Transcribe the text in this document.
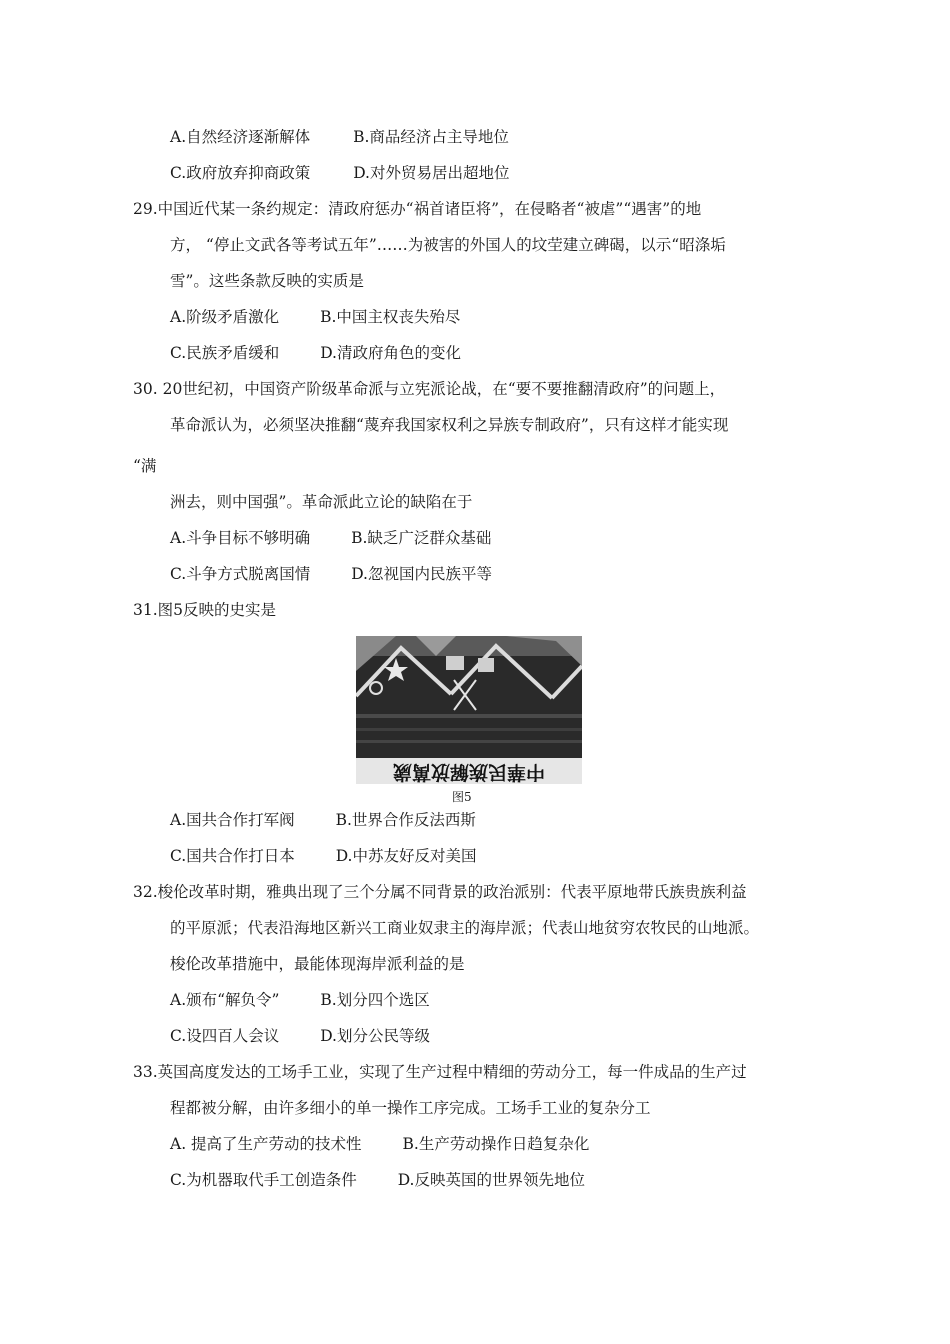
A.自然经济逐渐解体	B.商品经济占主导地位
C.政府放弃抑商政策	D.对外贸易居出超地位
29.中国近代某一条约规定：清政府惩办“祸首诸臣将”，在侵略者“被虐”“遇害”的地
方， “停止文武各等考试五年”……为被害的外国人的坟茔建立碑碣，以示“昭涤垢
雪”。这些条款反映的实质是
A.阶级矛盾激化	B.中国主权丧失殆尽
C.民族矛盾缓和	D.清政府角色的变化
30. 20世纪初，中国资产阶级革命派与立宪派论战，在“要不要推翻清政府”的问题上，
革命派认为，必须坚决推翻“蔑弃我国家权利之异族专制政府”，只有这样才能实现
“满
洲去，则中国强”。革命派此立论的缺陷在于
A.斗争目标不够明确	B.缺乏广泛群众基础
C.斗争方式脱离国情	D.忽视国内民族平等
31.图5反映的史实是
中華民族解放萬歲
图5
A.国共合作打军阀	B.世界合作反法西斯
C.国共合作打日本	D.中苏友好反对美国
32.梭伦改革时期，雅典出现了三个分属不同背景的政治派别：代表平原地带氏族贵族利益
的平原派；代表沿海地区新兴工商业奴隶主的海岸派；代表山地贫穷农牧民的山地派。
梭伦改革措施中，最能体现海岸派利益的是
A.颁布“解负令”	B.划分四个选区
C.设四百人会议	D.划分公民等级
33.英国高度发达的工场手工业，实现了生产过程中精细的劳动分工，每一件成品的生产过
程都被分解，由许多细小的单一操作工序完成。工场手工业的复杂分工
A. 提高了生产劳动的技术性	B.生产劳动操作日趋复杂化
C.为机器取代手工创造条件	D.反映英国的世界领先地位
